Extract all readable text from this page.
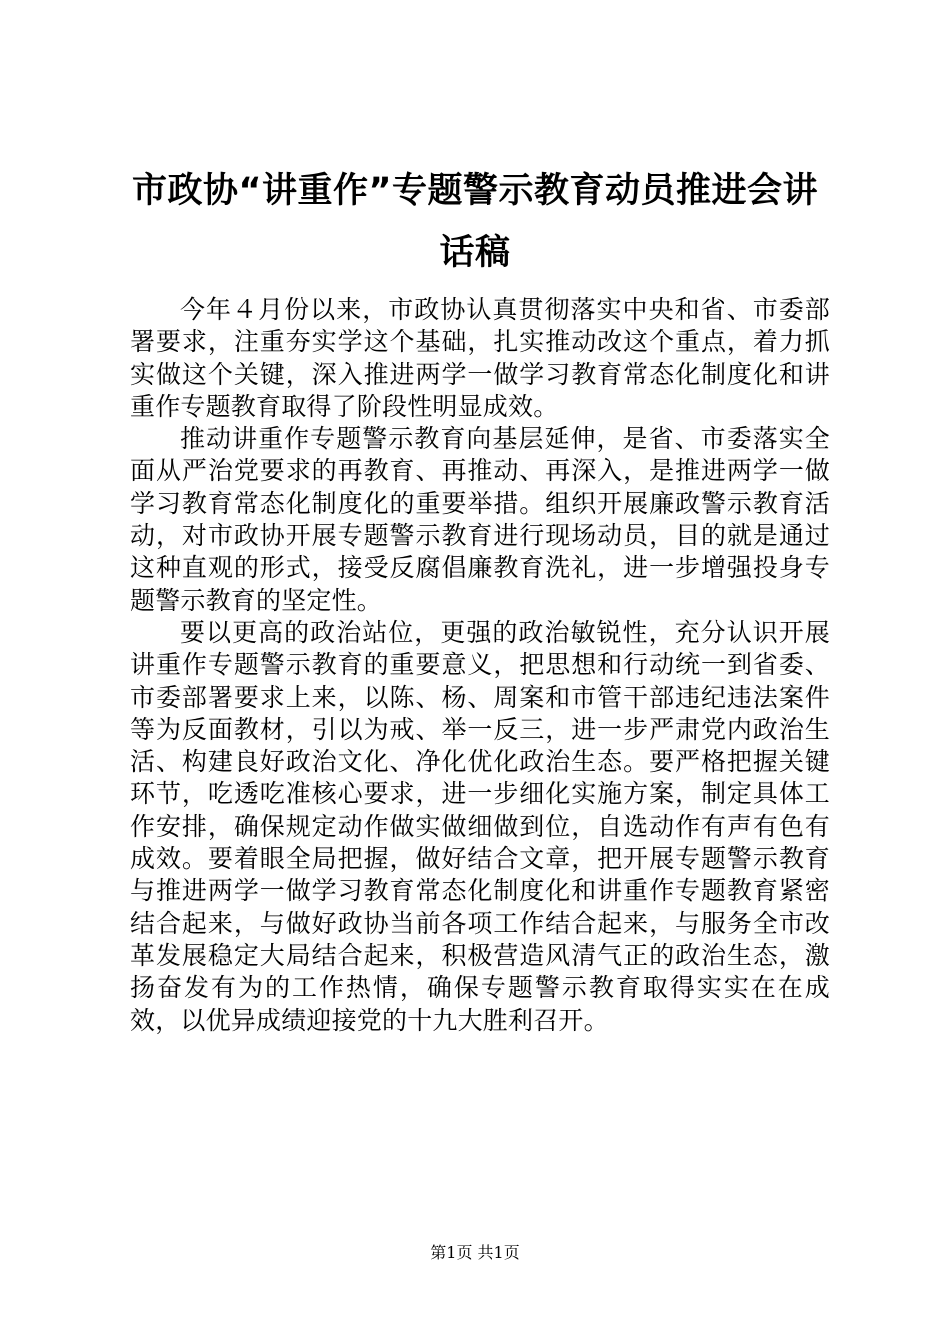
市政协“讲重作”专题警示教育动员推进会讲话稿

今年４月份以来，市政协认真贯彻落实中央和省、市委部署要求，注重夯实学这个基础，扎实推动改这个重点，着力抓实做这个关键，深入推进两学一做学习教育常态化制度化和讲重作专题教育取得了阶段性明显成效。

推动讲重作专题警示教育向基层延伸，是省、市委落实全面从严治党要求的再教育、再推动、再深入，是推进两学一做学习教育常态化制度化的重要举措。组织开展廉政警示教育活动，对市政协开展专题警示教育进行现场动员，目的就是通过这种直观的形式，接受反腐倡廉教育洗礼，进一步增强投身专题警示教育的坚定性。

要以更高的政治站位，更强的政治敏锐性，充分认识开展讲重作专题警示教育的重要意义，把思想和行动统一到省委、市委部署要求上来，以陈、杨、周案和市管干部违纪违法案件等为反面教材，引以为戒、举一反三，进一步严肃党内政治生活、构建良好政治文化、净化优化政治生态。要严格把握关键环节，吃透吃准核心要求，进一步细化实施方案，制定具体工作安排，确保规定动作做实做细做到位，自选动作有声有色有成效。要着眼全局把握，做好结合文章，把开展专题警示教育与推进两学一做学习教育常态化制度化和讲重作专题教育紧密结合起来，与做好政协当前各项工作结合起来，与服务全市改革发展稳定大局结合起来，积极营造风清气正的政治生态，激扬奋发有为的工作热情，确保专题警示教育取得实实在在成效，以优异成绩迎接党的十九大胜利召开。

第1页 共1页
